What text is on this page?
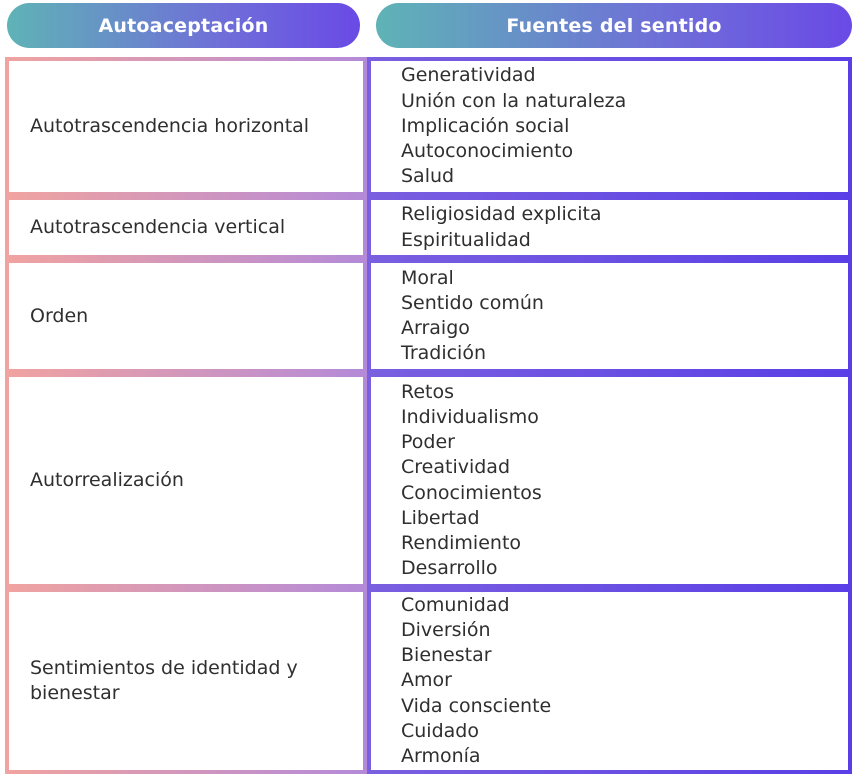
Autoaceptación	Fuentes del sentido
Autotrascendencia horizontal
Generatividad
Unión con la naturaleza
Implicación social
Autoconocimiento
Salud
Autotrascendencia vertical
Religiosidad explicita
Espiritualidad
Orden
Moral
Sentido común
Arraigo
Tradición
Autorrealización
Retos
Individualismo
Poder
Creatividad
Conocimientos
Libertad
Rendimiento
Desarrollo
Sentimientos de identidad y bienestar
Comunidad
Diversión
Bienestar
Amor
Vida consciente
Cuidado
Armonía
